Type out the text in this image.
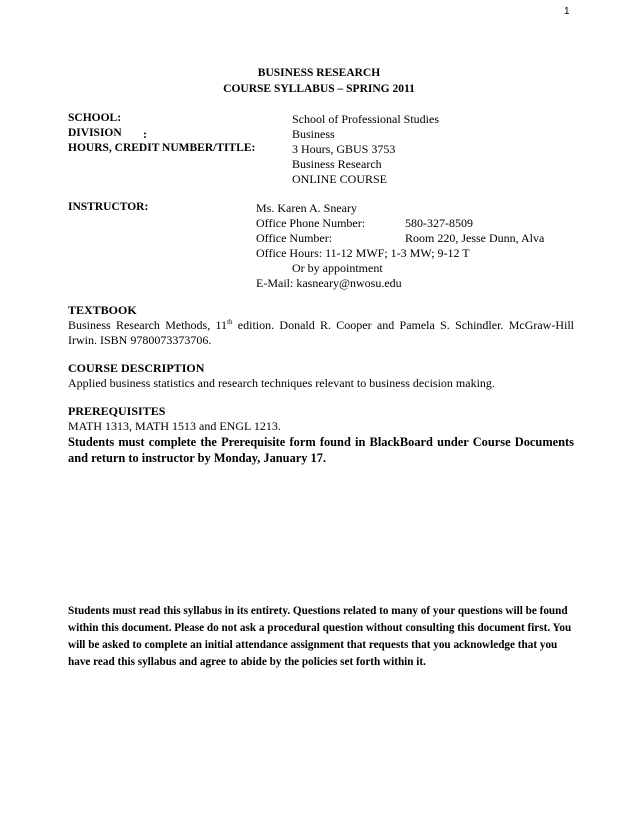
1
BUSINESS RESEARCH
COURSE SYLLABUS – SPRING 2011
SCHOOL:	School of Professional Studies
DIVISION :	Business
HOURS, CREDIT NUMBER/TITLE:	3 Hours, GBUS 3753
Business Research
ONLINE COURSE
INSTRUCTOR:	Ms. Karen A. Sneary
Office Phone Number:	580-327-8509
Office Number:	Room 220, Jesse Dunn, Alva
Office Hours: 11-12 MWF; 1-3 MW; 9-12 T
Or by appointment
E-Mail: kasneary@nwosu.edu
TEXTBOOK
Business Research Methods, 11th edition. Donald R. Cooper and Pamela S. Schindler. McGraw-Hill Irwin. ISBN 9780073373706.
COURSE DESCRIPTION
Applied business statistics and research techniques relevant to business decision making.
PREREQUISITES
MATH 1313, MATH 1513 and ENGL 1213.
Students must complete the Prerequisite form found in BlackBoard under Course Documents and return to instructor by Monday, January 17.
Students must read this syllabus in its entirety. Questions related to many of your questions will be found within this document. Please do not ask a procedural question without consulting this document first. You will be asked to complete an initial attendance assignment that requests that you acknowledge that you have read this syllabus and agree to abide by the policies set forth within it.
